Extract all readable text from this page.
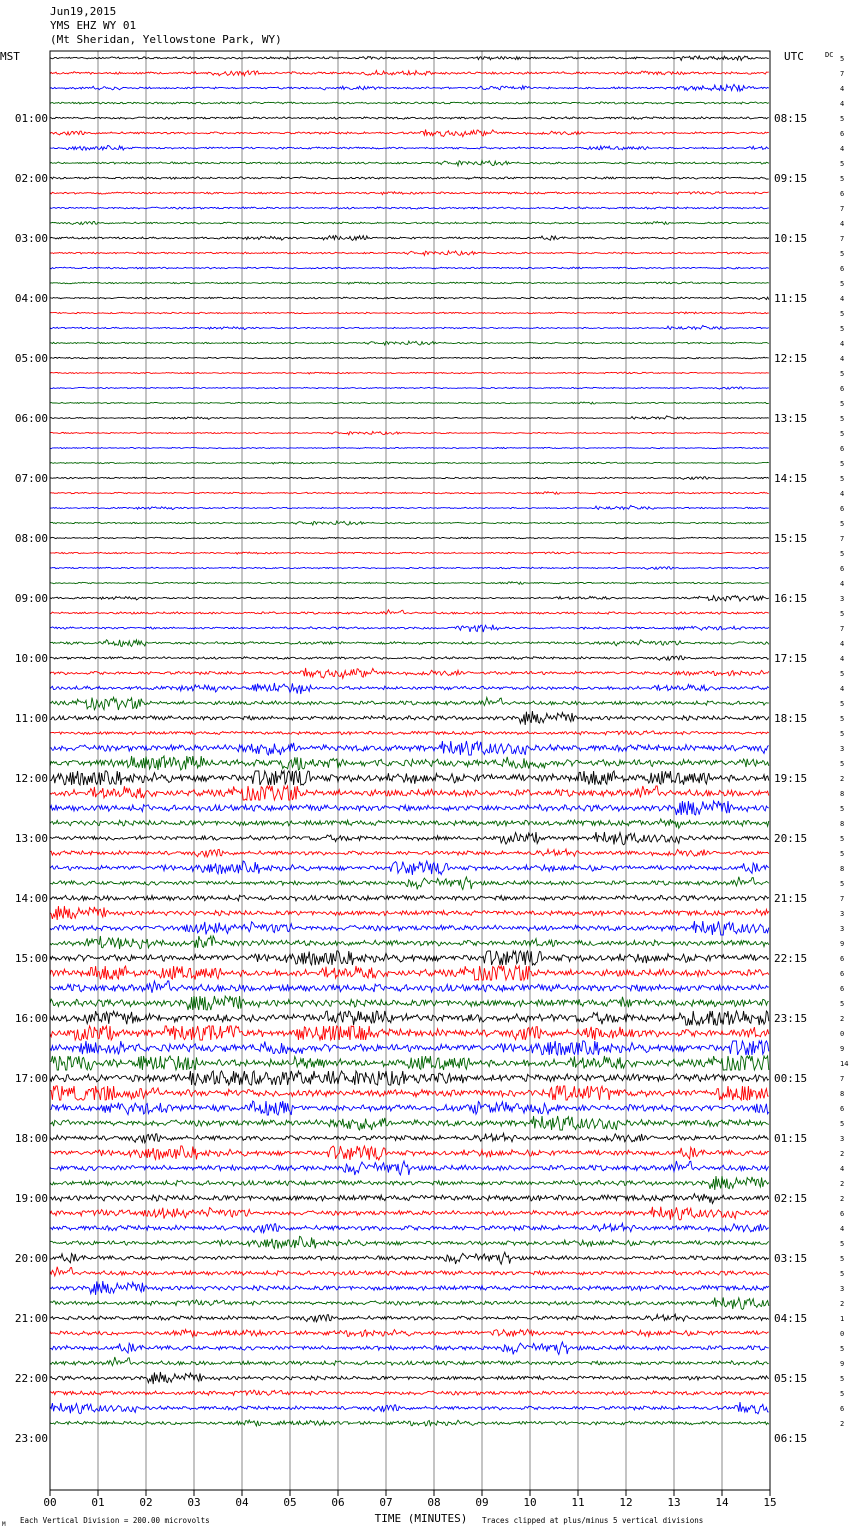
Jun19,2015
YMS EHZ WY 01
(Mt Sheridan, Yellowstone Park, WY)
MST	UTC	DC
01:00
02:00
03:00
04:00
05:00
06:00
07:00
08:00
09:00
10:00
11:00
12:00
13:00
14:00
15:00
16:00
17:00
18:00
19:00
20:00
21:00
22:00
23:00
08:15
09:15
10:15
11:15
12:15
13:15
14:15
15:15
16:15
17:15
18:15
19:15
20:15
21:15
22:15
23:15
00:15
01:15
02:15
03:15
04:15
05:15
06:15
5
7
4
4
5
6
4
5
5
6
7
4
7
5
6
5
4
5
5
4
4
5
6
5
5
5
6
5
5
4
6
5
7
5
6
4
3
5
7
4
4
5
4
5
5
5
3
5
2
8
5
8
5
5
8
5
7
3
3
9
6
6
6
5
2
0
9
14
7
8
6
5
3
2
4
2
2
6
4
5
5
5
3
2
1
0
5
9
5
5
6
2
00	01	02	03	04	05	06	07	08	09	10	11	12	13	14	15
TIME (MINUTES)
Each Vertical Division = 200.00 microvolts	Traces clipped at plus/minus 5 vertical divisions
M
